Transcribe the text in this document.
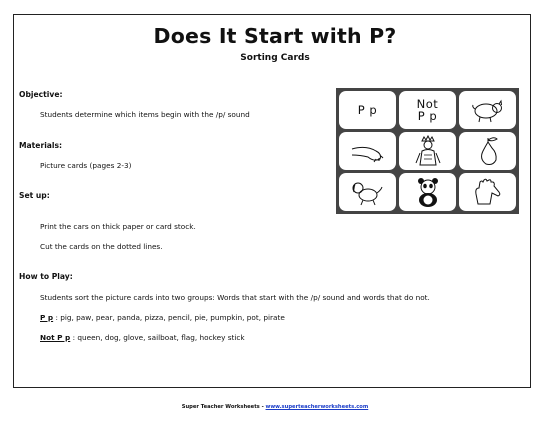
Does It Start with P?
Sorting Cards
Objective:
Students determine which items begin with the /p/ sound
Materials:
Picture cards (pages 2-3)
Set up:
Print the cars on thick paper or card stock.
Cut the cards on the dotted lines.
How to Play:
Students sort the picture cards into two groups: Words that start with the /p/ sound and words that do not.
P p : pig, paw, pear, panda, pizza, pencil, pie, pumpkin, pot, pirate
Not P p : queen, dog, glove, sailboat, flag, hockey stick
P p	Not
P p
Super Teacher Worksheets - www.superteacherworksheets.com
